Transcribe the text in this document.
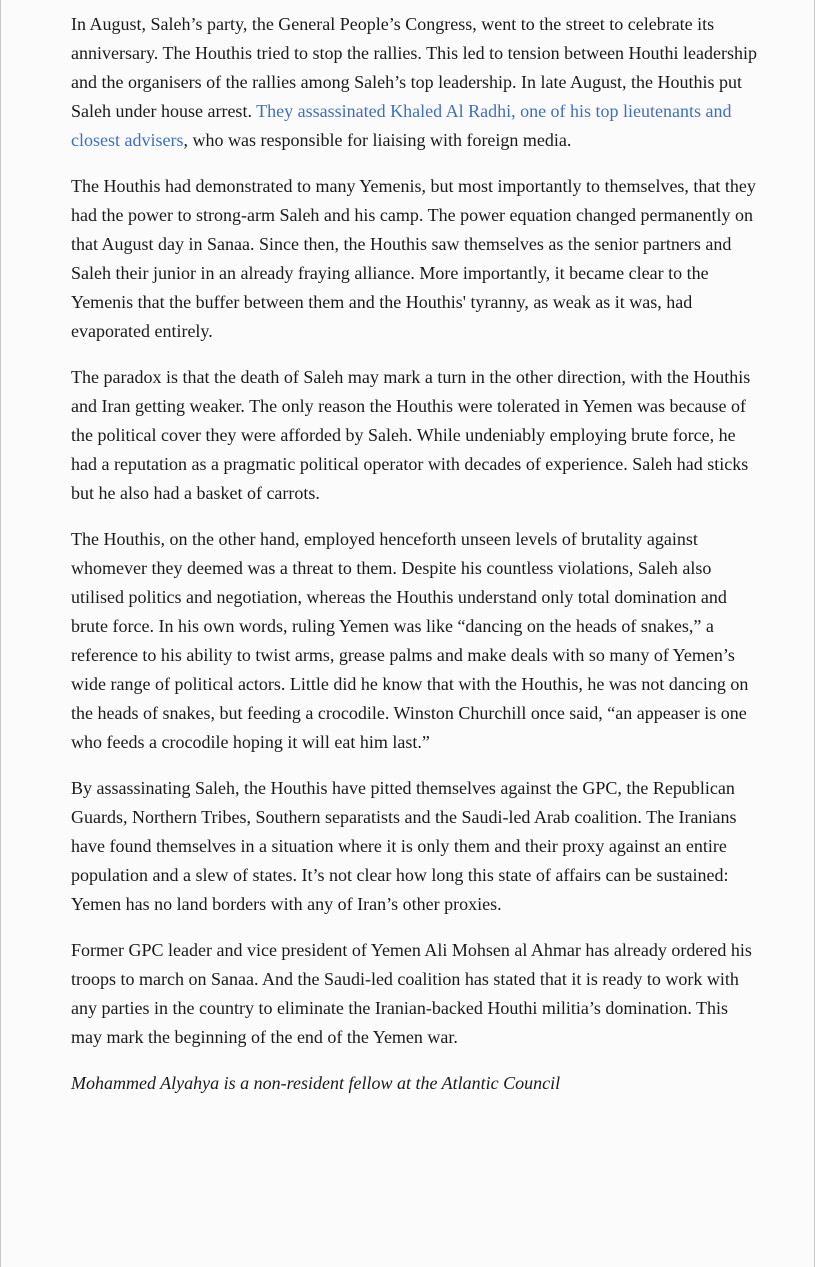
In August, Saleh’s party, the General People’s Congress, went to the street to celebrate its anniversary. The Houthis tried to stop the rallies. This led to tension between Houthi leadership and the organisers of the rallies among Saleh’s top leadership. In late August, the Houthis put Saleh under house arrest. They assassinated Khaled Al Radhi, one of his top lieutenants and closest advisers, who was responsible for liaising with foreign media.

The Houthis had demonstrated to many Yemenis, but most importantly to themselves, that they had the power to strong-arm Saleh and his camp. The power equation changed permanently on that August day in Sanaa. Since then, the Houthis saw themselves as the senior partners and Saleh their junior in an already fraying alliance. More importantly, it became clear to the Yemenis that the buffer between them and the Houthis' tyranny, as weak as it was, had evaporated entirely.

The paradox is that the death of Saleh may mark a turn in the other direction, with the Houthis and Iran getting weaker. The only reason the Houthis were tolerated in Yemen was because of the political cover they were afforded by Saleh. While undeniably employing brute force, he had a reputation as a pragmatic political operator with decades of experience. Saleh had sticks but he also had a basket of carrots.

The Houthis, on the other hand, employed henceforth unseen levels of brutality against whomever they deemed was a threat to them. Despite his countless violations, Saleh also utilised politics and negotiation, whereas the Houthis understand only total domination and brute force. In his own words, ruling Yemen was like “dancing on the heads of snakes,” a reference to his ability to twist arms, grease palms and make deals with so many of Yemen’s wide range of political actors. Little did he know that with the Houthis, he was not dancing on the heads of snakes, but feeding a crocodile. Winston Churchill once said, “an appeaser is one who feeds a crocodile hoping it will eat him last.”

By assassinating Saleh, the Houthis have pitted themselves against the GPC, the Republican Guards, Northern Tribes, Southern separatists and the Saudi-led Arab coalition. The Iranians have found themselves in a situation where it is only them and their proxy against an entire population and a slew of states. It’s not clear how long this state of affairs can be sustained: Yemen has no land borders with any of Iran’s other proxies.

Former GPC leader and vice president of Yemen Ali Mohsen al Ahmar has already ordered his troops to march on Sanaa. And the Saudi-led coalition has stated that it is ready to work with any parties in the country to eliminate the Iranian-backed Houthi militia’s domination. This may mark the beginning of the end of the Yemen war.

Mohammed Alyahya is a non-resident fellow at the Atlantic Council
